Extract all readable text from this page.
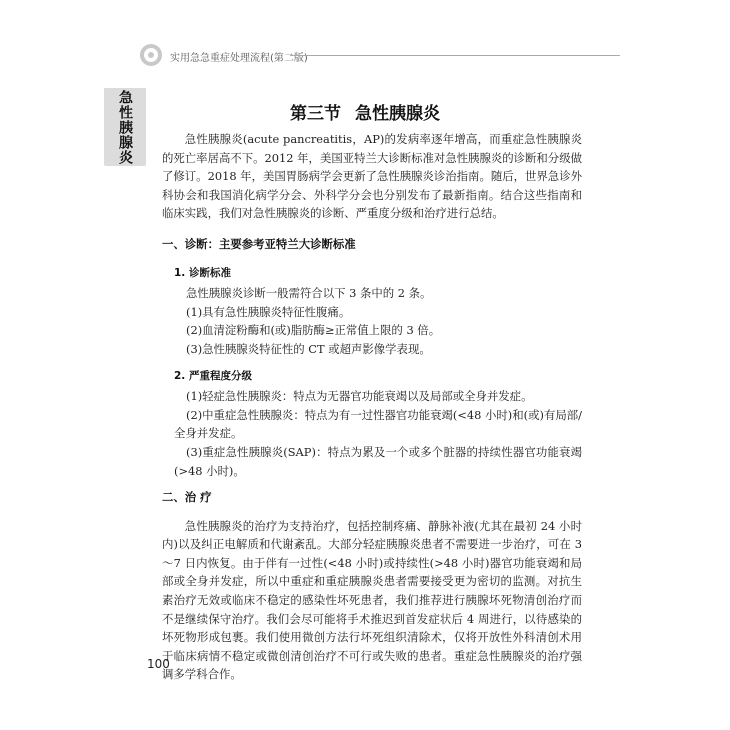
实用急急重症处理流程(第二版)
急性胰腺炎	第三节 急性胰腺炎

急性胰腺炎(acute pancreatitis，AP)的发病率逐年增高，而重症急性胰腺炎的死亡率居高不下。2012 年，美国亚特兰大诊断标准对急性胰腺炎的诊断和分级做了修订。2018 年，美国胃肠病学会更新了急性胰腺炎诊治指南。随后，世界急诊外科协会和我国消化病学分会、外科学分会也分别发布了最新指南。结合这些指南和临床实践，我们对急性胰腺炎的诊断、严重度分级和治疗进行总结。

一、诊断：主要参考亚特兰大诊断标准
1. 诊断标准

急性胰腺炎诊断一般需符合以下 3 条中的 2 条。

(1)具有急性胰腺炎特征性腹痛。

(2)血清淀粉酶和(或)脂肪酶≥正常值上限的 3 倍。

(3)急性胰腺炎特征性的 CT 或超声影像学表现。

2. 严重程度分级

(1)轻症急性胰腺炎：特点为无器官功能衰竭以及局部或全身并发症。

(2)中重症急性胰腺炎：特点为有一过性器官功能衰竭(<48 小时)和(或)有局部/全身并发症。

(3)重症急性胰腺炎(SAP)：特点为累及一个或多个脏器的持续性器官功能衰竭(>48 小时)。

二、治 疗

急性胰腺炎的治疗为支持治疗，包括控制疼痛、静脉补液(尤其在最初 24 小时内)以及纠正电解质和代谢紊乱。大部分轻症胰腺炎患者不需要进一步治疗，可在 3～7 日内恢复。由于伴有一过性(<48 小时)或持续性(>48 小时)器官功能衰竭和局部或全身并发症，所以中重症和重症胰腺炎患者需要接受更为密切的监测。对抗生素治疗无效或临床不稳定的感染性坏死患者，我们推荐进行胰腺坏死物清创治疗而不是继续保守治疗。我们会尽可能将手术推迟到首发症状后 4 周进行，以待感染的坏死物形成包裹。我们使用微创方法行坏死组织清除术，仅将开放性外科清创术用于临床病情不稳定或微创清创治疗不可行或失败的患者。重症急性胰腺炎的治疗强调多学科合作。

100
